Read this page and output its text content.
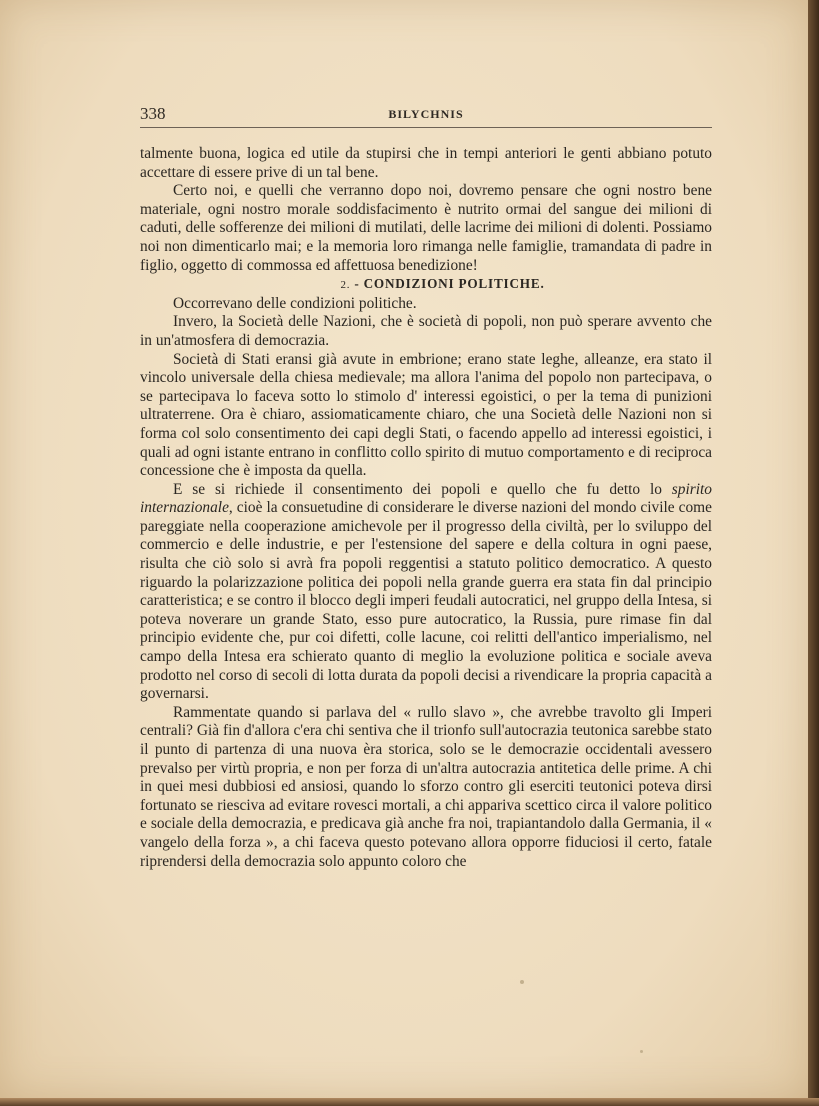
338	BILYCHNIS

talmente buona, logica ed utile da stupirsi che in tempi anteriori le genti abbiano potuto accettare di essere prive di un tal bene.

Certo noi, e quelli che verranno dopo noi, dovremo pensare che ogni nostro bene materiale, ogni nostro morale soddisfacimento è nutrito ormai del sangue dei milioni di caduti, delle sofferenze dei milioni di mutilati, delle lacrime dei milioni di dolenti. Possiamo noi non dimenticarlo mai; e la memoria loro rimanga nelle famiglie, tramandata di padre in figlio, oggetto di commossa ed affettuosa benedizione!

2. - CONDIZIONI POLITICHE.

Occorrevano delle condizioni politiche.

Invero, la Società delle Nazioni, che è società di popoli, non può sperare avvento che in un'atmosfera di democrazia.

Società di Stati eransi già avute in embrione; erano state leghe, alleanze, era stato il vincolo universale della chiesa medievale; ma allora l'anima del popolo non partecipava, o se partecipava lo faceva sotto lo stimolo d' interessi egoistici, o per la tema di punizioni ultraterrene. Ora è chiaro, assiomaticamente chiaro, che una Società delle Nazioni non si forma col solo consentimento dei capi degli Stati, o facendo appello ad interessi egoistici, i quali ad ogni istante entrano in conflitto collo spirito di mutuo comportamento e di reciproca concessione che è imposta da quella.

E se si richiede il consentimento dei popoli e quello che fu detto lo spirito internazionale, cioè la consuetudine di considerare le diverse nazioni del mondo civile come pareggiate nella cooperazione amichevole per il progresso della civiltà, per lo sviluppo del commercio e delle industrie, e per l'estensione del sapere e della coltura in ogni paese, risulta che ciò solo si avrà fra popoli reggentisi a statuto politico democratico. A questo riguardo la polarizzazione politica dei popoli nella grande guerra era stata fin dal principio caratteristica; e se contro il blocco degli imperi feudali autocratici, nel gruppo della Intesa, si poteva noverare un grande Stato, esso pure autocratico, la Russia, pure rimase fin dal principio evidente che, pur coi difetti, colle lacune, coi relitti dell'antico imperialismo, nel campo della Intesa era schierato quanto di meglio la evoluzione politica e sociale aveva prodotto nel corso di secoli di lotta durata da popoli decisi a rivendicare la propria capacità a governarsi.

Rammentate quando si parlava del « rullo slavo », che avrebbe travolto gli Imperi centrali? Già fin d'allora c'era chi sentiva che il trionfo sull'autocrazia teutonica sarebbe stato il punto di partenza di una nuova èra storica, solo se le democrazie occidentali avessero prevalso per virtù propria, e non per forza di un'altra autocrazia antitetica delle prime. A chi in quei mesi dubbiosi ed ansiosi, quando lo sforzo contro gli eserciti teutonici poteva dirsi fortunato se riesciva ad evitare rovesci mortali, a chi appariva scettico circa il valore politico e sociale della democrazia, e predicava già anche fra noi, trapiantandolo dalla Germania, il « vangelo della forza », a chi faceva questo potevano allora opporre fiduciosi il certo, fatale riprendersi della democrazia solo appunto coloro che
